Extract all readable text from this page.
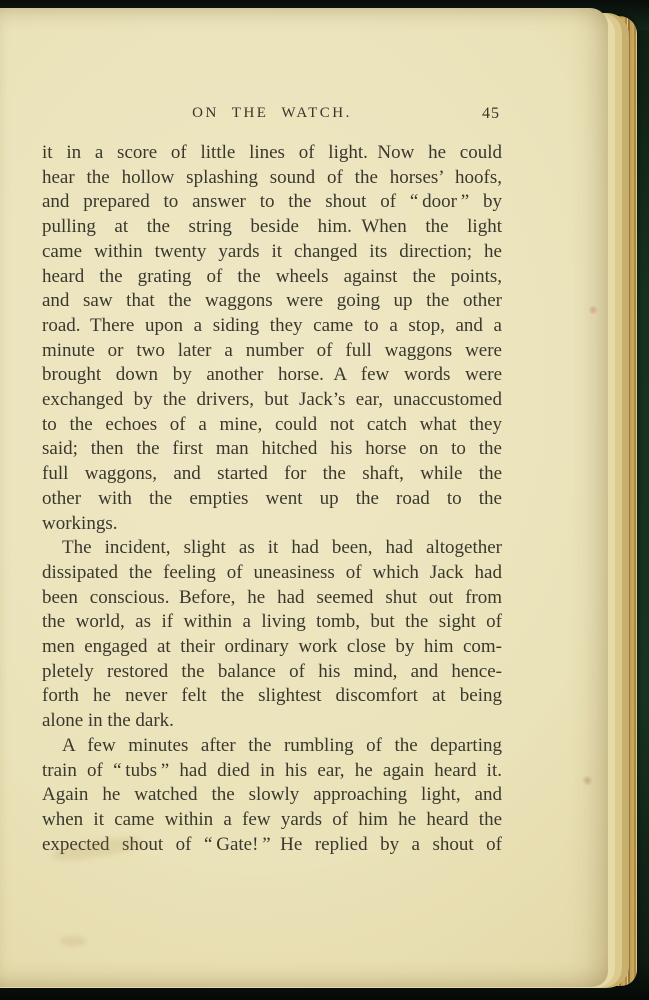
ON THE WATCH.	45
it in a score of little lines of light. Now he could
hear the hollow splashing sound of the horses’ hoofs,
and prepared to answer to the shout of “ door ” by
pulling at the string beside him. When the light
came within twenty yards it changed its direction; he
heard the grating of the wheels against the points,
and saw that the waggons were going up the other
road. There upon a siding they came to a stop, and a
minute or two later a number of full waggons were
brought down by another horse. A few words were
exchanged by the drivers, but Jack’s ear, unaccustomed
to the echoes of a mine, could not catch what they
said; then the first man hitched his horse on to the
full waggons, and started for the shaft, while the
other with the empties went up the road to the
workings.
The incident, slight as it had been, had altogether
dissipated the feeling of uneasiness of which Jack had
been conscious. Before, he had seemed shut out from
the world, as if within a living tomb, but the sight of
men engaged at their ordinary work close by him com-
pletely restored the balance of his mind, and hence-
forth he never felt the slightest discomfort at being
alone in the dark.
A few minutes after the rumbling of the departing
train of “ tubs ” had died in his ear, he again heard it.
Again he watched the slowly approaching light, and
when it came within a few yards of him he heard the
expected shout of “ Gate! ” He replied by a shout of
